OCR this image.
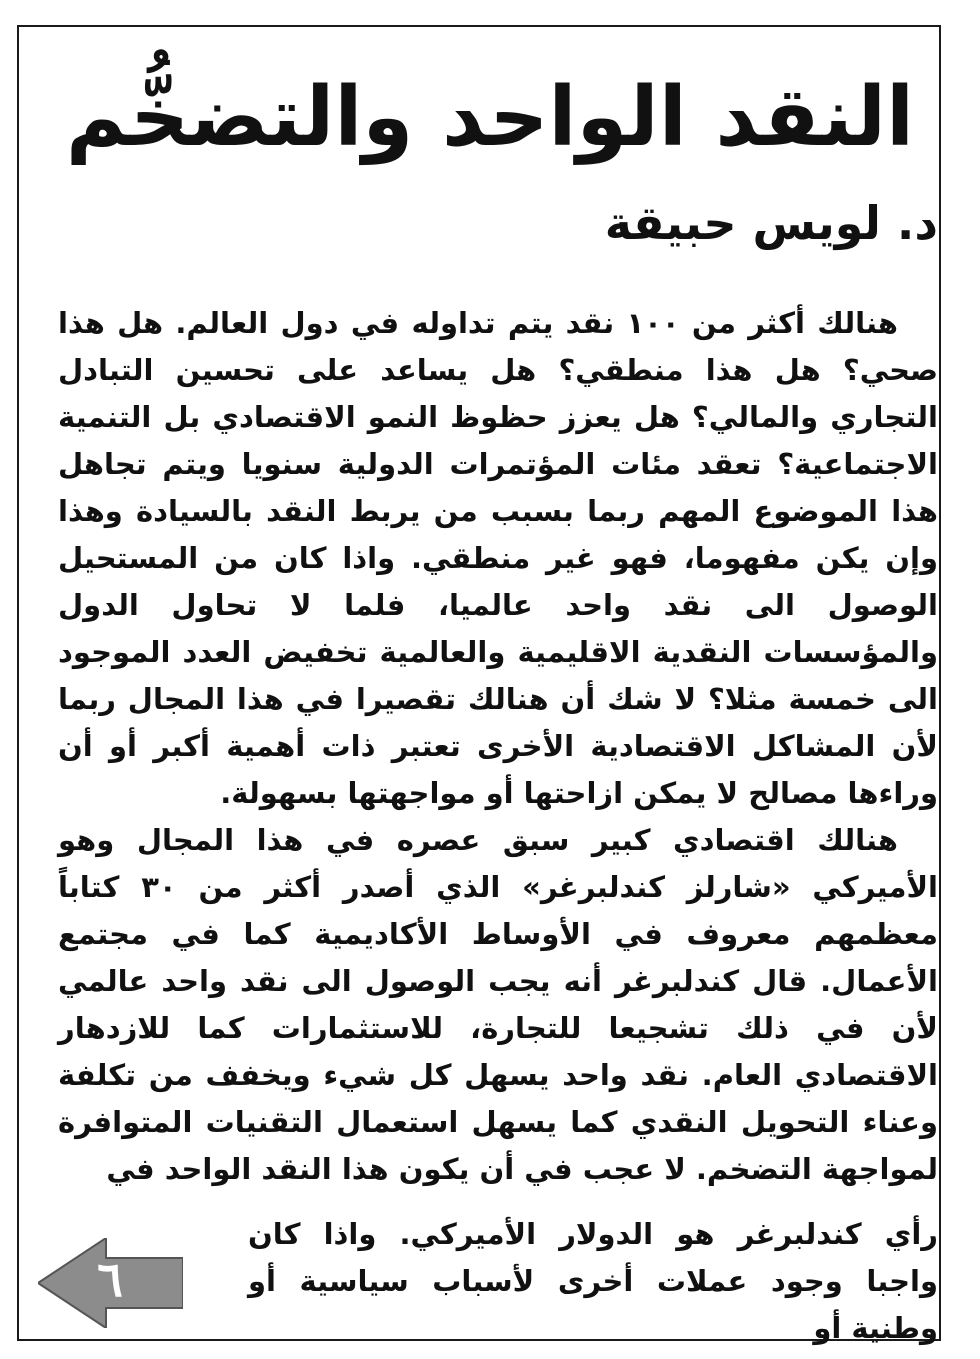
النقد الواحد والتضخُّم
د. لويس حبيقة

هنالك أكثر من ١٠٠ نقد يتم تداوله في دول العالم. هل هذا صحي؟ هل هذا منطقي؟ هل يساعد على تحسين التبادل التجاري والمالي؟ هل يعزز حظوظ النمو الاقتصادي بل التنمية الاجتماعية؟ تعقد مئات المؤتمرات الدولية سنويا ويتم تجاهل هذا الموضوع المهم ربما بسبب من يربط النقد بالسيادة وهذا وإن يكن مفهوما، فهو غير منطقي. واذا كان من المستحيل الوصول الى نقد واحد عالميا، فلما لا تحاول الدول والمؤسسات النقدية الاقليمية والعالمية تخفيض العدد الموجود الى خمسة مثلا؟ لا شك أن هنالك تقصيرا في هذا المجال ربما لأن المشاكل الاقتصادية الأخرى تعتبر ذات أهمية أكبر أو أن وراءها مصالح لا يمكن ازاحتها أو مواجهتها بسهولة.

هنالك اقتصادي كبير سبق عصره في هذا المجال وهو الأميركي «شارلز كندلبرغر» الذي أصدر أكثر من ٣٠ كتاباً معظمهم معروف في الأوساط الأكاديمية كما في مجتمع الأعمال. قال كندلبرغر أنه يجب الوصول الى نقد واحد عالمي لأن في ذلك تشجيعا للتجارة، للاستثمارات كما للازدهار الاقتصادي العام. نقد واحد يسهل كل شيء ويخفف من تكلفة وعناء التحويل النقدي كما يسهل استعمال التقنيات المتوافرة لمواجهة التضخم. لا عجب في أن يكون هذا النقد الواحد في

رأي كندلبرغر هو الدولار الأميركي. واذا كان واجبا وجود عملات أخرى لأسباب سياسية أو وطنية أو

٦
